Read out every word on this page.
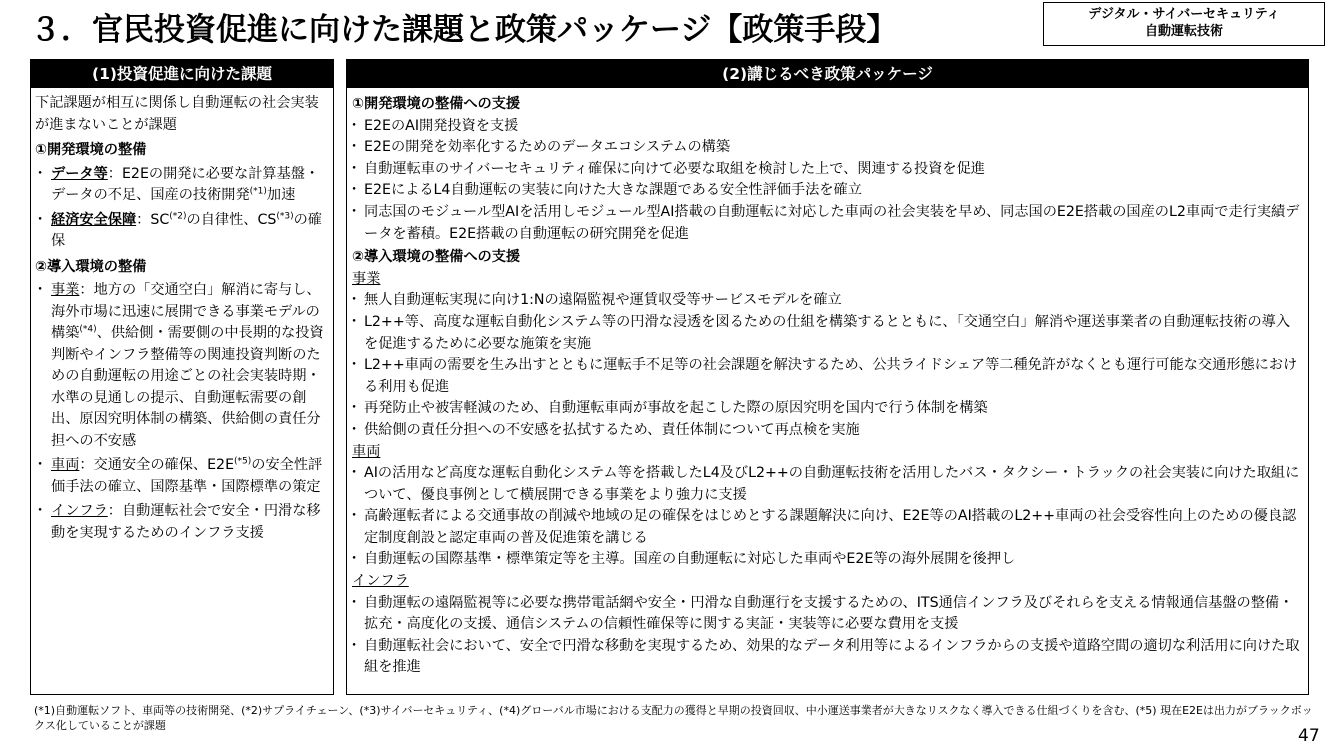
３．官民投資促進に向けた課題と政策パッケージ【政策手段】	デジタル・サイバーセキュリティ
自動運転技術
(1)投資促進に向けた課題

下記課題が相互に関係し自動運転の社会実装が進まないことが課題

①開発環境の整備

・ データ等：E2Eの開発に必要な計算基盤・データの不足、国産の技術開発$^{(*1)}$加速
・ 経済安全保障：$SC^{(*2)}$の自律性、$CS^{(*3)}$の確保

②導入環境の整備

・ 事業：地方の「交通空白」解消に寄与し、海外市場に迅速に展開できる事業モデルの構築$^{(*4)}$、供給側・需要側の中長期的な投資判断やインフラ整備等の関連投資判断のための自動運転の用途ごとの社会実装時期・水準の見通しの提示、自動運転需要の創出、原因究明体制の構築、供給側の責任分担への不安感
・ 車両：交通安全の確保、$E2E^{(*5)}$の安全性評価手法の確立、国際基準・国際標準の策定
・ インフラ：自動運転社会で安全・円滑な移動を実現するためのインフラ支援
(2)講じるべき政策パッケージ

①開発環境の整備への支援

・ E2EのAI開発投資を支援
・ E2Eの開発を効率化するためのデータエコシステムの構築
・ 自動運転車のサイバーセキュリティ確保に向けて必要な取組を検討した上で、関連する投資を促進
・ E2EによるL4自動運転の実装に向けた大きな課題である安全性評価手法を確立
・ 同志国のモジュール型AIを活用しモジュール型AI搭載の自動運転に対応した車両の社会実装を早め、同志国のE2E搭載の国産のL2車両で走行実績データを蓄積。E2E搭載の自動運転の研究開発を促進

②導入環境の整備への支援

事業

・ 無人自動運転実現に向け1:Nの遠隔監視や運賃収受等サービスモデルを確立
・ L2++等、高度な運転自動化システム等の円滑な浸透を図るための仕組を構築するとともに、「交通空白」解消や運送事業者の自動運転技術の導入を促進するために必要な施策を実施
・ L2++車両の需要を生み出すとともに運転手不足等の社会課題を解決するため、公共ライドシェア等二種免許がなくとも運行可能な交通形態における利用も促進
・ 再発防止や被害軽減のため、自動運転車両が事故を起こした際の原因究明を国内で行う体制を構築
・ 供給側の責任分担への不安感を払拭するため、責任体制について再点検を実施

車両

・ AIの活用など高度な運転自動化システム等を搭載したL4及びL2++の自動運転技術を活用したバス・タクシー・トラックの社会実装に向けた取組について、優良事例として横展開できる事業をより強力に支援
・ 高齢運転者による交通事故の削減や地域の足の確保をはじめとする課題解決に向け、E2E等のAI搭載のL2++車両の社会受容性向上のための優良認定制度創設と認定車両の普及促進策を講じる
・ 自動運転の国際基準・標準策定等を主導。国産の自動運転に対応した車両やE2E等の海外展開を後押し

インフラ

・ 自動運転の遠隔監視等に必要な携帯電話網や安全・円滑な自動運行を支援するための、ITS通信インフラ及びそれらを支える情報通信基盤の整備・拡充・高度化の支援、通信システムの信頼性確保等に関する実証・実装等に必要な費用を支援
・ 自動運転社会において、安全で円滑な移動を実現するため、効果的なデータ利用等によるインフラからの支援や道路空間の適切な利活用に向けた取組を推進
(*1)自動運転ソフト、車両等の技術開発、(*2)サプライチェーン、(*3)サイバーセキュリティ、(*4)グローバル市場における支配力の獲得と早期の投資回収、中小運送事業者が大きなリスクなく導入できる仕組づくりを含む、(*5) 現在E2Eは出力がブラックボックス化していることが課題
47
